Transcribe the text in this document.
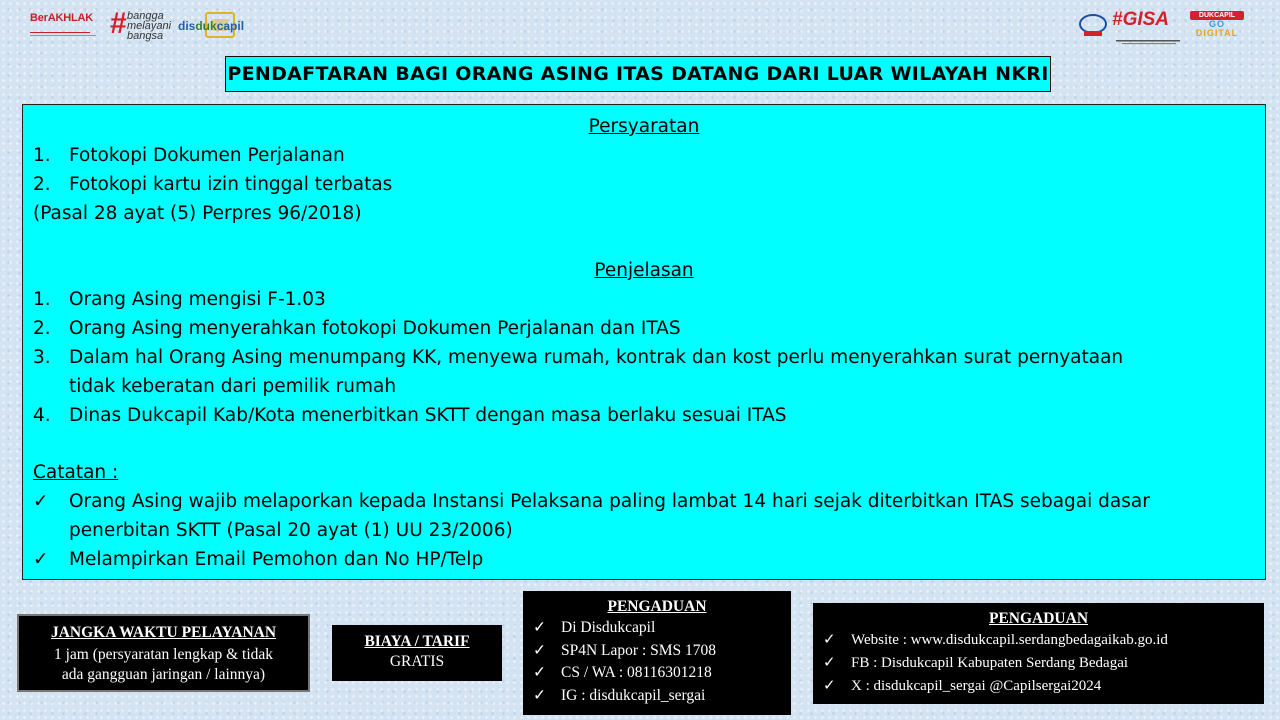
BerAKHLAK # bangga
melayani
bangsa
disdukcapil	#GISA	DUKCAPIL
GO
DIGITAL
PENDAFTARAN BAGI ORANG ASING ITAS DATANG DARI LUAR WILAYAH NKRI
Persyaratan
1. Fotokopi Dokumen Perjalanan
2. Fotokopi kartu izin tinggal terbatas
(Pasal 28 ayat (5) Perpres 96/2018)
Penjelasan
1. Orang Asing mengisi F-1.03
2. Orang Asing menyerahkan fotokopi Dokumen Perjalanan dan ITAS
3. Dalam hal Orang Asing menumpang KK, menyewa rumah, kontrak dan kost perlu menyerahkan surat pernyataan
tidak keberatan dari pemilik rumah
4. Dinas Dukcapil Kab/Kota menerbitkan SKTT dengan masa berlaku sesuai ITAS
Catatan :
✓ Orang Asing wajib melaporkan kepada Instansi Pelaksana paling lambat 14 hari sejak diterbitkan ITAS sebagai dasar
penerbitan SKTT (Pasal 20 ayat (1) UU 23/2006)
✓ Melampirkan Email Pemohon dan No HP/Telp
JANGKA WAKTU PELAYANAN
1 jam (persyaratan lengkap & tidak
ada gangguan jaringan / lainnya)
BIAYA / TARIF
GRATIS
PENGADUAN
✓ Di Disdukcapil
✓ SP4N Lapor : SMS 1708
✓ CS / WA : 08116301218
✓ IG : disdukcapil_sergai
PENGADUAN
✓ Website : www.disdukcapil.serdangbedagaikab.go.id
✓ FB : Disdukcapil Kabupaten Serdang Bedagai
✓ X : disdukcapil_sergai @Capilsergai2024
